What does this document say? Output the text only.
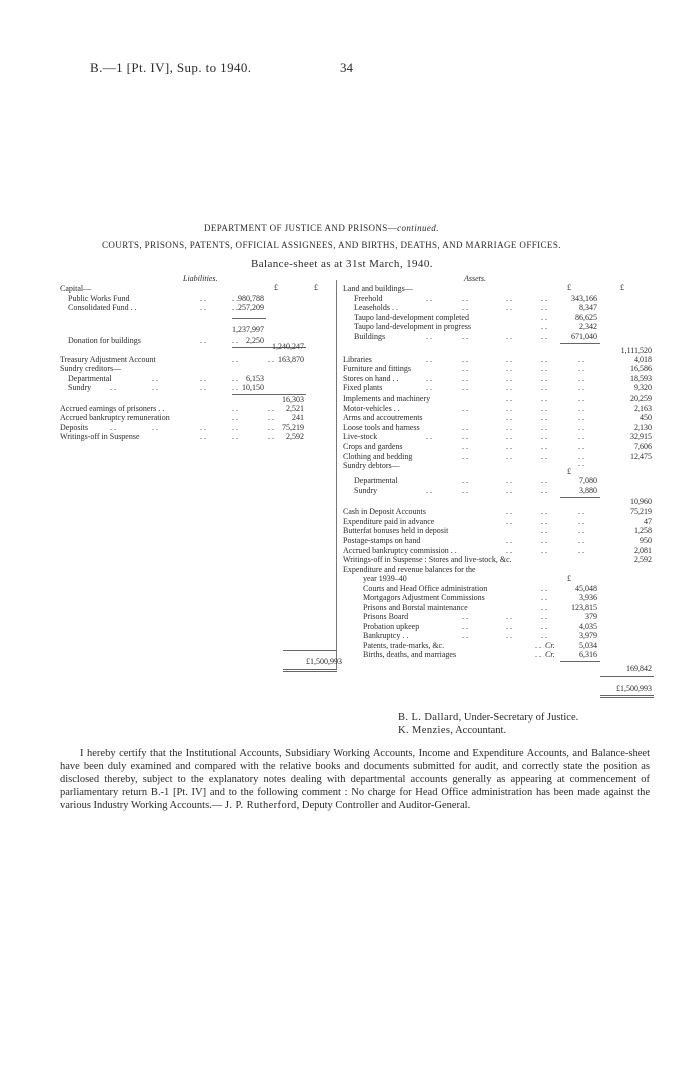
B.—1 [Pt. IV], Sup. to 1940.	34
DEPARTMENT OF JUSTICE AND PRISONS—continued.
COURTS, PRISONS, PATENTS, OFFICIAL ASSIGNEES, AND BIRTHS, DEATHS, AND MARRIAGE OFFICES.
Balance-sheet as at 31st March, 1940.
Liabilities.
£	£
Capital—
Public Works Fund	. .	. . 980,788
Consolidated Fund . .	. .	. . 257,209
1,237,997
Donation for buildings	. .	. . 2,250
1,240,247
Treasury Adjustment Account	. .	. . 163,870
Sundry creditors—
Departmental	. .	. .	. . 6,153
Sundry . .	. .	. .	. . 10,150
16,303
Accrued earnings of prisoners . .	. .	. . 2,521
Accrued bankruptcy remuneration	. .	. . 241
Deposits	. .	. .	. .	. .	. . 75,219
Writings-off in Suspense	. .	. .	. . 2,592
£1,500,993
Assets.
£	£
Land and buildings—
Freehold	. .	. .	. .	. .	343,166
Leaseholds . .	. .	. .	. .	8,347
Taupo land-development completed	. .	86,625
Taupo land-development in progress	. .	2,342
Buildings	. .	. .	. .	. .	671,040
1,111,520
Libraries	. .	. .	. .	. .	. .	4,018
Furniture and fittings	. .	. .	. .	. .	16,586
Stores on hand . .	. .	. .	. .	. .	. .	18,593
Fixed plants	. .	. .	. .	. .	. .	9,320
Implements and machinery	. .	. .	. .	20,259
Motor-vehicles . .	. .	. .	. .	. .	2,163
Arms and accoutrements	. .	. .	. .	450
Loose tools and harness	. .	. .	. .	. .	2,130
Live-stock	. .	. .	. .	. .	. .	32,915
Crops and gardens	. .	. .	. .	. .	7,606
Clothing and bedding	. .	. .	. .	. .	12,475
Sundry debtors—	. .
£
Departmental	. .	. .	. .	7,080
Sundry	. .	. .	. .	. .	3,880
10,960
Cash in Deposit Accounts	. .	. .	. .	75,219
Expenditure paid in advance	. .	. .	. .	47
Butterfat bonuses held in deposit	. .	. .	1,258
Postage-stamps on hand	. .	. .	. .	950
Accrued bankruptcy commission . .	. .	. .	. .	2,081
Writings-off in Suspense : Stores and live-stock, &c.	2,592
Expenditure and revenue balances for the
year 1939–40	£
Courts and Head Office administration	. .	45,048
Mortgagors Adjustment Commissions	. .	3,936
Prisons and Borstal maintenance	. .	123,815
Prisons Board	. .	. .	. .	379
Probation upkeep	. .	. .	. .	4,035
Bankruptcy . .	. .	. .	. .	3,979
Patents, trade-marks, &c.	. . Cr.	5,034
Births, deaths, and marriages	. . Cr.	6,316
169,842
£1,500,993
B. L. Dallard, Under-Secretary of Justice.
K. Menzies, Accountant.
I hereby certify that the Institutional Accounts, Subsidiary Working Accounts, Income and Expenditure Accounts, and Balance-sheet have been duly examined and compared with the relative books and documents submitted for audit, and correctly state the position as disclosed thereby, subject to the explanatory notes dealing with departmental accounts generally as appearing at commencement of parliamentary return B.-1 [Pt. IV] and to the following comment : No charge for Head Office administration has been made against the various Industry Working Accounts.— J. P. Rutherford, Deputy Controller and Auditor-General.
